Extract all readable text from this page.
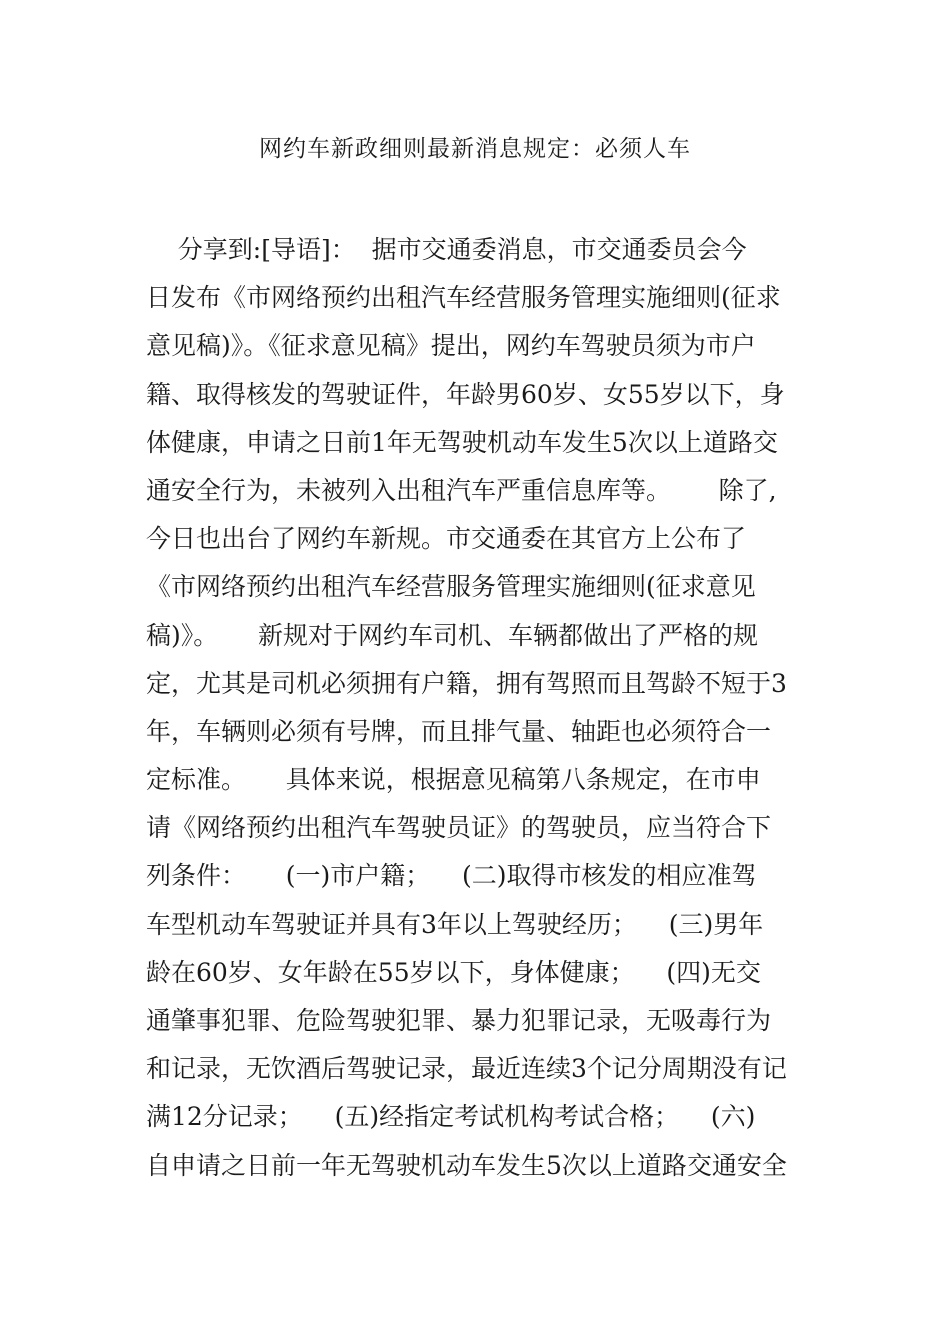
网约车新政细则最新消息规定：必须人车
分享到:[导语]：  据市交通委消息，市交通委员会今
日发布《市网络预约出租汽车经营服务管理实施细则(征求
意见稿)》。《征求意见稿》提出，网约车驾驶员须为市户
籍、取得核发的驾驶证件，年龄男60岁、女55岁以下，身
体健康，申请之日前1年无驾驶机动车发生5次以上道路交
通安全行为，未被列入出租汽车严重信息库等。      除了,
今日也出台了网约车新规。市交通委在其官方上公布了
《市网络预约出租汽车经营服务管理实施细则(征求意见
稿)》。     新规对于网约车司机、车辆都做出了严格的规
定，尤其是司机必须拥有户籍，拥有驾照而且驾龄不短于3
年，车辆则必须有号牌，而且排气量、轴距也必须符合一
定标准。     具体来说，根据意见稿第八条规定，在市申
请《网络预约出租汽车驾驶员证》的驾驶员，应当符合下
列条件：     (一)市户籍；    (二)取得市核发的相应准驾
车型机动车驾驶证并具有3年以上驾驶经历；    (三)男年
龄在60岁、女年龄在55岁以下，身体健康；    (四)无交
通肇事犯罪、危险驾驶犯罪、暴力犯罪记录，无吸毒行为
和记录，无饮酒后驾驶记录，最近连续3个记分周期没有记
满12分记录；    (五)经指定考试机构考试合格；    (六)
自申请之日前一年无驾驶机动车发生5次以上道路交通安全
